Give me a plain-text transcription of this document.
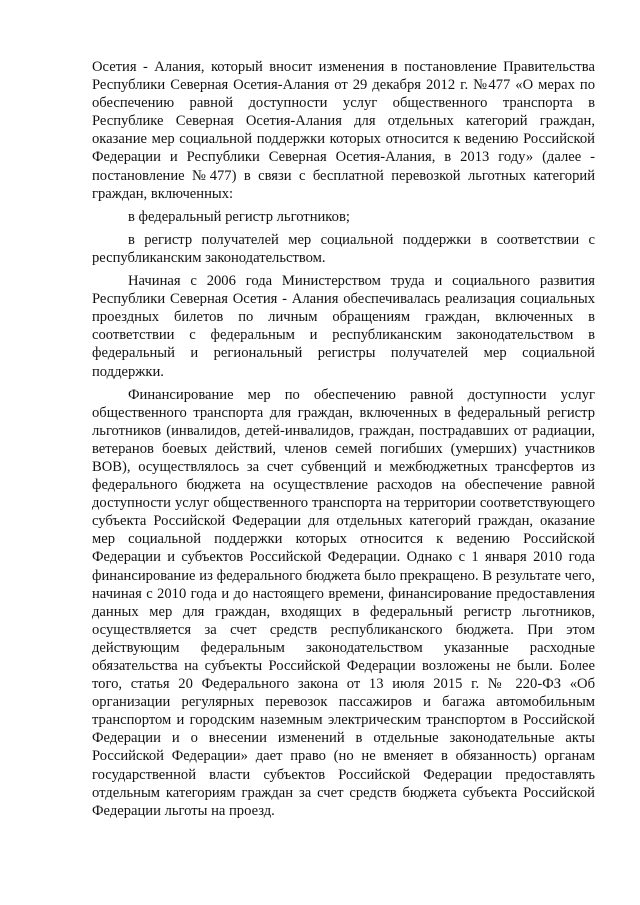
Осетия - Алания, который вносит изменения в постановление Правительства Республики Северная Осетия-Алания от 29 декабря 2012 г. №477 «О мерах по обеспечению равной доступности услуг общественного транспорта в Республике Северная Осетия-Алания для отдельных категорий граждан, оказание мер социальной поддержки которых относится к ведению Российской Федерации и Республики Северная Осетия-Алания, в 2013 году» (далее - постановление №477) в связи с бесплатной перевозкой льготных категорий граждан, включенных:

в федеральный регистр льготников;

в регистр получателей мер социальной поддержки в соответствии с республиканским законодательством.

Начиная с 2006 года Министерством труда и социального развития Республики Северная Осетия - Алания обеспечивалась реализация социальных проездных билетов по личным обращениям граждан, включенных в соответствии с федеральным и республиканским законодательством в федеральный и региональный регистры получателей мер социальной поддержки.

Финансирование мер по обеспечению равной доступности услуг общественного транспорта для граждан, включенных в федеральный регистр льготников (инвалидов, детей-инвалидов, граждан, пострадавших от радиации, ветеранов боевых действий, членов семей погибших (умерших) участников ВОВ), осуществлялось за счет субвенций и межбюджетных трансфертов из федерального бюджета на осуществление расходов на обеспечение равной доступности услуг общественного транспорта на территории соответствующего субъекта Российской Федерации для отдельных категорий граждан, оказание мер социальной поддержки которых относится к ведению Российской Федерации и субъектов Российской Федерации. Однако с 1 января 2010 года финансирование из федерального бюджета было прекращено. В результате чего, начиная с 2010 года и до настоящего времени, финансирование предоставления данных мер для граждан, входящих в федеральный регистр льготников, осуществляется за счет средств республиканского бюджета. При этом действующим федеральным законодательством указанные расходные обязательства на субъекты Российской Федерации возложены не были. Более того, статья 20 Федерального закона от 13 июля 2015 г. № 220-ФЗ «Об организации регулярных перевозок пассажиров и багажа автомобильным транспортом и городским наземным электрическим транспортом в Российской Федерации и о внесении изменений в отдельные законодательные акты Российской Федерации» дает право (но не вменяет в обязанность) органам государственной власти субъектов Российской Федерации предоставлять отдельным категориям граждан за счет средств бюджета субъекта Российской Федерации льготы на проезд.
